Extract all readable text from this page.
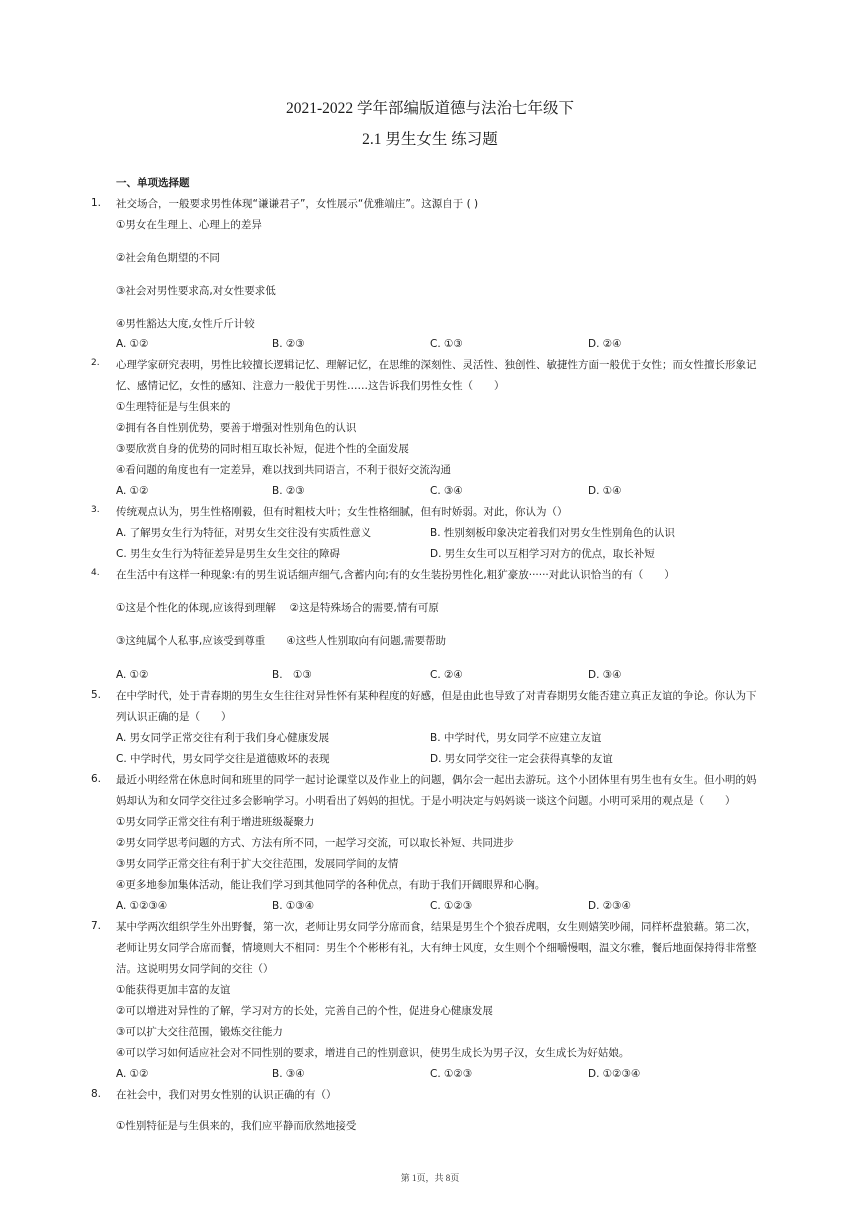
2021-2022 学年部编版道德与法治七年级下
2.1 男生女生 练习题
一、单项选择题
1.	社交场合，一般要求男性体现“谦谦君子”，女性展示“优雅端庄”。这源自于 ( )
①男女在生理上、心理上的差异
②社会角色期望的不同
③社会对男性要求高,对女性要求低
④男性豁达大度,女性斤斤计较
A. ①②	B. ②③	C. ①③	D. ②④
2.	心理学家研究表明，男性比较擅长逻辑记忆、理解记忆，在思维的深刻性、灵活性、独创性、敏捷性方面一般优于女性；而女性擅长形象记
忆、感情记忆，女性的感知、注意力一般优于男性……这告诉我们男性女性（　　）
①生理特征是与生俱来的
②拥有各自性别优势，要善于增强对性别角色的认识
③要欣赏自身的优势的同时相互取长补短，促进个性的全面发展
④看问题的角度也有一定差异，难以找到共同语言，不利于很好交流沟通
A. ①②	B. ②③	C. ③④	D. ①④
3.	传统观点认为，男生性格刚毅，但有时粗枝大叶；女生性格细腻，但有时娇弱。对此，你认为（）
A. 了解男女生行为特征，对男女生交往没有实质性意义	B. 性别刻板印象决定着我们对男女生性别角色的认识
C. 男生女生行为特征差异是男生女生交往的障碍	D. 男生女生可以互相学习对方的优点，取长补短
4.	在生活中有这样一种现象:有的男生说话细声细气,含蓄内向;有的女生装扮男性化,粗犷豪放······对此认识恰当的有（　　）
①这是个性化的体现,应该得到理解　 ②这是特殊场合的需要,情有可原
③这纯属个人私事,应该受到尊重　　④这些人性别取向有问题,需要帮助
A. ①②	B.　①③	C. ②④	D. ③④
5.	在中学时代，处于青春期的男生女生往往对异性怀有某种程度的好感，但是由此也导致了对青春期男女能否建立真正友谊的争论。你认为下
列认识正确的是（　　）
A. 男女同学正常交往有利于我们身心健康发展	B. 中学时代，男女同学不应建立友谊
C. 中学时代，男女同学交往是道德败坏的表现	D. 男女同学交往一定会获得真挚的友谊
6.	最近小明经常在休息时间和班里的同学一起讨论课堂以及作业上的问题，偶尔会一起出去游玩。这个小团体里有男生也有女生。但小明的妈
妈却认为和女同学交往过多会影响学习。小明看出了妈妈的担忧。于是小明决定与妈妈谈一谈这个问题。小明可采用的观点是（　　）
①男女同学正常交往有利于增进班级凝聚力
②男女同学思考问题的方式、方法有所不同，一起学习交流，可以取长补短、共同进步
③男女同学正常交往有利于扩大交往范围，发展同学间的友情
④更多地参加集体活动，能让我们学习到其他同学的各种优点，有助于我们开阔眼界和心胸。
A. ①②③④	B. ①③④	C. ①②③	D. ②③④
7.	某中学两次组织学生外出野餐，第一次，老师让男女同学分席而食，结果是男生个个狼吞虎咽，女生则嬉笑吵闹，同样杯盘狼藉。第二次，
老师让男女同学合席而餐，情境则大不相同：男生个个彬彬有礼，大有绅士风度，女生则个个细嚼慢咽，温文尔雅，餐后地面保持得非常整
洁。这说明男女同学间的交往（）
①能获得更加丰富的友谊
②可以增进对异性的了解，学习对方的长处，完善自己的个性，促进身心健康发展
③可以扩大交往范围，锻炼交往能力
④可以学习如何适应社会对不同性别的要求，增进自己的性别意识，使男生成长为男子汉，女生成长为好姑娘。
A. ①②	B. ③④	C. ①②③	D. ①②③④
8.	在社会中，我们对男女性别的认识正确的有（）
①性别特征是与生俱来的，我们应平静而欣然地接受
第 1页，共 8页
